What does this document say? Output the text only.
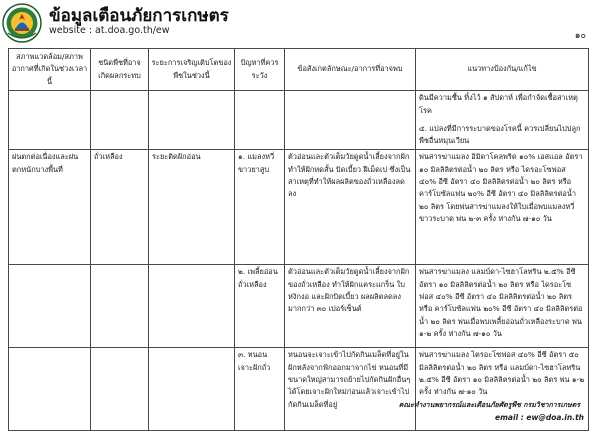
ข้อมูลเตือนภัยการเกษตร
website : at.doa.go.th/ew	๑๐
สภาพแวดล้อม/สภาพอากาศที่เกิดในช่วงเวลานี้	ชนิดพืชที่อาจเกิดผลกระทบ	ระยะการเจริญเติบโตของพืชในช่วงนี้	ปัญหาที่ควรระวัง	ข้อสังเกตลักษณะ/อาการที่อาจพบ	แนวทางป้องกัน/แก้ไข
					ดินมีความชื้น ทิ้งไว้ ๑ สัปดาห์ เพื่อกำจัดเชื้อสาเหตุโรค
๔. แปลงที่มีการระบาดของโรคนี้ ควรเปลี่ยนไปปลูกพืชอื่นหมุนเวียน
ฝนตกต่อเนื่องและฝนตกหนักบางพื้นที่	ถั่วเหลือง	ระยะติดฝักอ่อน	๑. แมลงหวี่ขาวยาสูบ	ตัวอ่อนและตัวเต็มวัยดูดน้ำเลี้ยงจากฝัก ทำให้ฝักหดสั้น บิดเบี้ยว ฝีเม็ดเบ่ ซึ่งเป็นสาเหตุที่ทำให้ผลผลิตของถั่วเหลืองลดลง	พ่นสารฆ่าแมลง อิมิดาโคลพริด ๑๐% เอสแอล อัตรา ๑๐ มิลลิลิตรต่อน้ำ ๒๐ ลิตร หรือ ไดรอะโซฟอส ๔๐% อีซี อัตรา ๔๐ มิลลิลิตรต่อน้ำ ๒๐ ลิตร หรือ คาร์โบซัลแฟน ๒๐% อีซี อัตรา ๔๐ มิลลิลิตรต่อน้ำ ๒๐ ลิตร โดยพ่นสารฆ่าแมลงให้ใบเมื่อพบแมลงหวี่ขาวระบาด พ่น ๒-๓ ครั้ง ห่างกัน ๗-๑๐ วัน
			๒. เพลี้ยอ่อนถั่วเหลือง	ตัวอ่อนและตัวเต็มวัยดูดน้ำเลี้ยงจากฝักของถั่วเหลือง ทำให้ฝักแคระแกร็น ใบหงิกงอ และฝักบิดเบี้ยว ผลผลิตลดลงมากกว่า ๓๐ เปอร์เซ็นต์	พ่นสารฆ่าแมลง แลมบ์ดา-ไซฮาโลทริน ๒.๕% อีซี อัตรา ๑๐ มิลลิลิตรต่อน้ำ ๒๐ ลิตร หรือ ไดรอะโซฟอส ๔๐% อีซี อัตรา ๔๐ มิลลิลิตรต่อน้ำ ๒๐ ลิตร หรือ คาร์โบซัลแฟน ๒๐% อีซี อัตรา ๔๐ มิลลิลิตรต่อน้ำ ๒๐ ลิตร พ่นเมื่อพบเพลี้ยอ่อนถั่วเหลืองระบาด พ่น ๑-๒ ครั้ง ห่างกัน ๗-๑๐ วัน
			๓. หนอนเจาะฝักถั่ว	หนอนจะเจาะเข้าไปกัดกินเมล็ดที่อยู่ในฝักหลังจากฟักออกมาจากไข่ หนอนที่มีขนาดใหญ่สามารถย้ายไปกัดกินฝักอื่นๆ ได้โดยเจาะฝักใหม่ก่อนแล้วเจาะเข้าไปกัดกินเมล็ดที่อยู่	พ่นสารฆ่าแมลง ไตรอะโซฟอส ๔๐% อีซี อัตรา ๕๐ มิลลิลิตรต่อน้ำ ๒๐ ลิตร หรือ แลมบ์ดา-ไซฮาโลทริน ๒.๕% อีซี อัตรา ๑๐ มิลลิลิตรต่อน้ำ ๒๐ ลิตร พ่น ๑-๒ ครั้ง ห่างกัน ๗-๑๐ วัน
คณะทำงานพยากรณ์และเตือนภัยศัตรูพืช กรมวิชาการเกษตร
email : ew@doa.in.th
